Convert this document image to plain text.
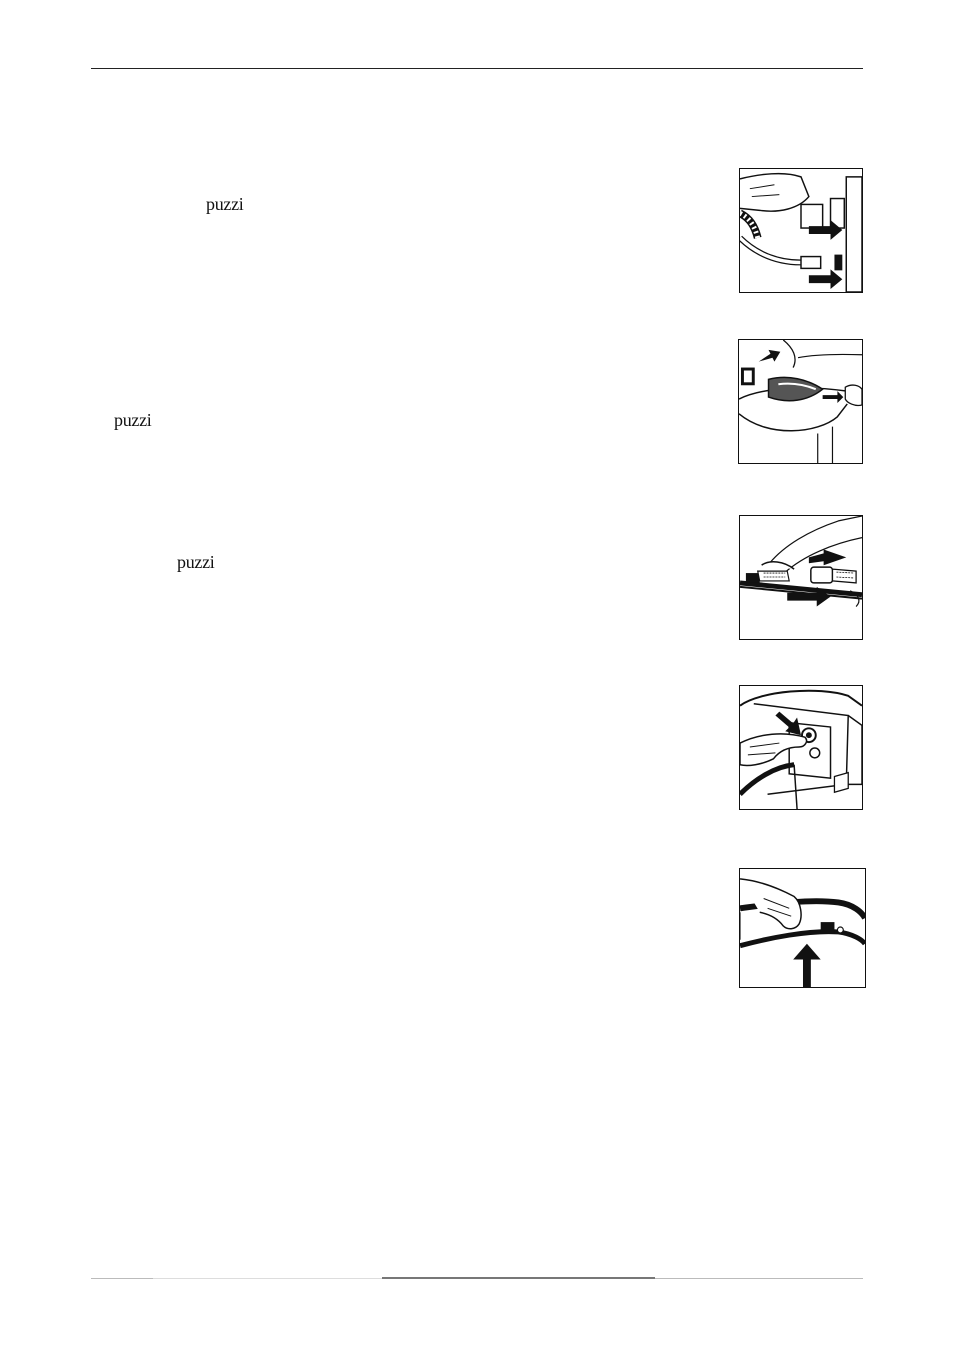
puzzi
puzzi
puzzi
